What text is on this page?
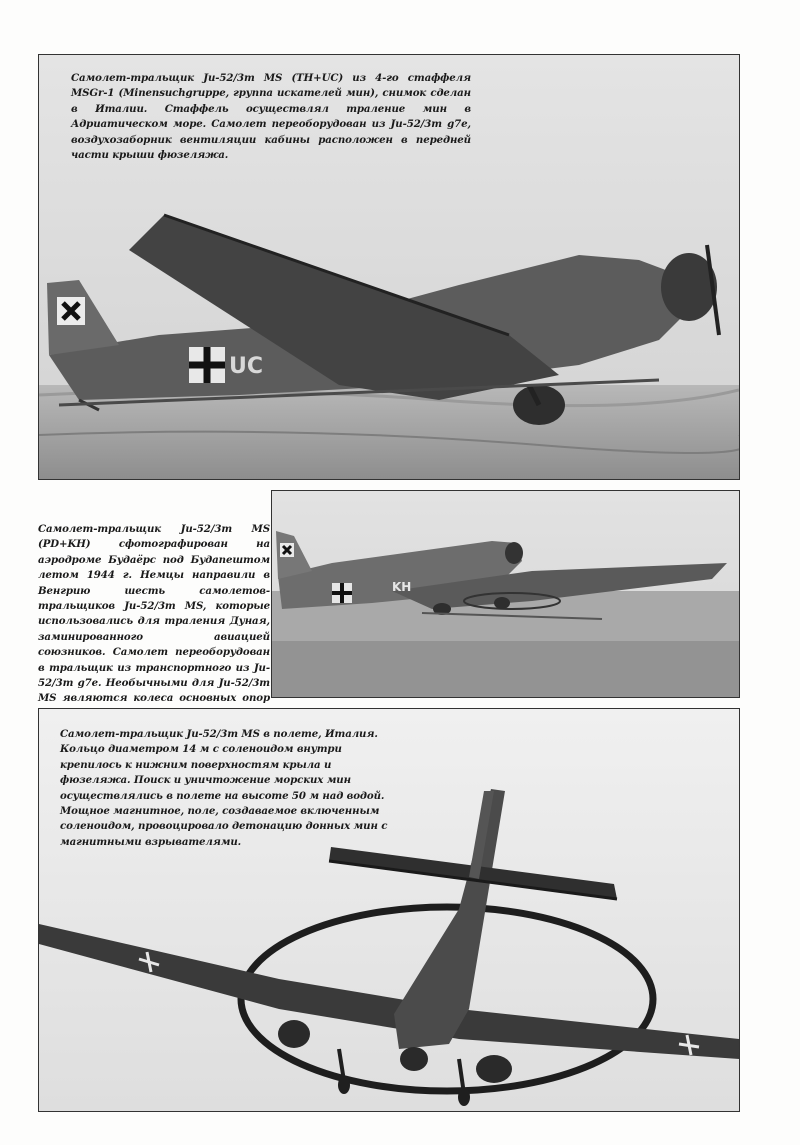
UC
Самолет-тральщик Ju-52/3m MS (TH+UC) из 4-го стаффеля MSGr-1 (Minensuchgruppe, группа искателей мин), снимок сделан в Италии. Стаффель осуществлял траление мин в Адриатическом море. Самолет переоборудован из Ju-52/3m g7e, воздухозаборник вентиляции кабины расположен в передней части крыши фюзеляжа.
KH
Самолет-тральщик Ju-52/3m MS (PD+KH) сфотографирован на аэродроме Будаёрс под Будапештом летом 1944 г. Немцы направили в Венгрию шесть самолетов-тральщиков Ju-52/3m MS, которые использовались для траления Дуная, заминированного авиацией союзников. Самолет переоборудован в тральщик из транспортного из Ju-52/3m g7e. Необычными для Ju-52/3m MS являются колеса основных опор
Самолет-тральщик Ju-52/3m MS в полете, Италия. Кольцо диаметром 14 м с соленоидом внутри крепилось к нижним поверхностям крыла и фюзеляжа. Поиск и уничтожение морских мин осуществлялись в полете на высоте 50 м над водой. Мощное магнитное, поле, создаваемое включенным соленоидом, провоцировало детонацию донных мин с магнитными взрывателями.
